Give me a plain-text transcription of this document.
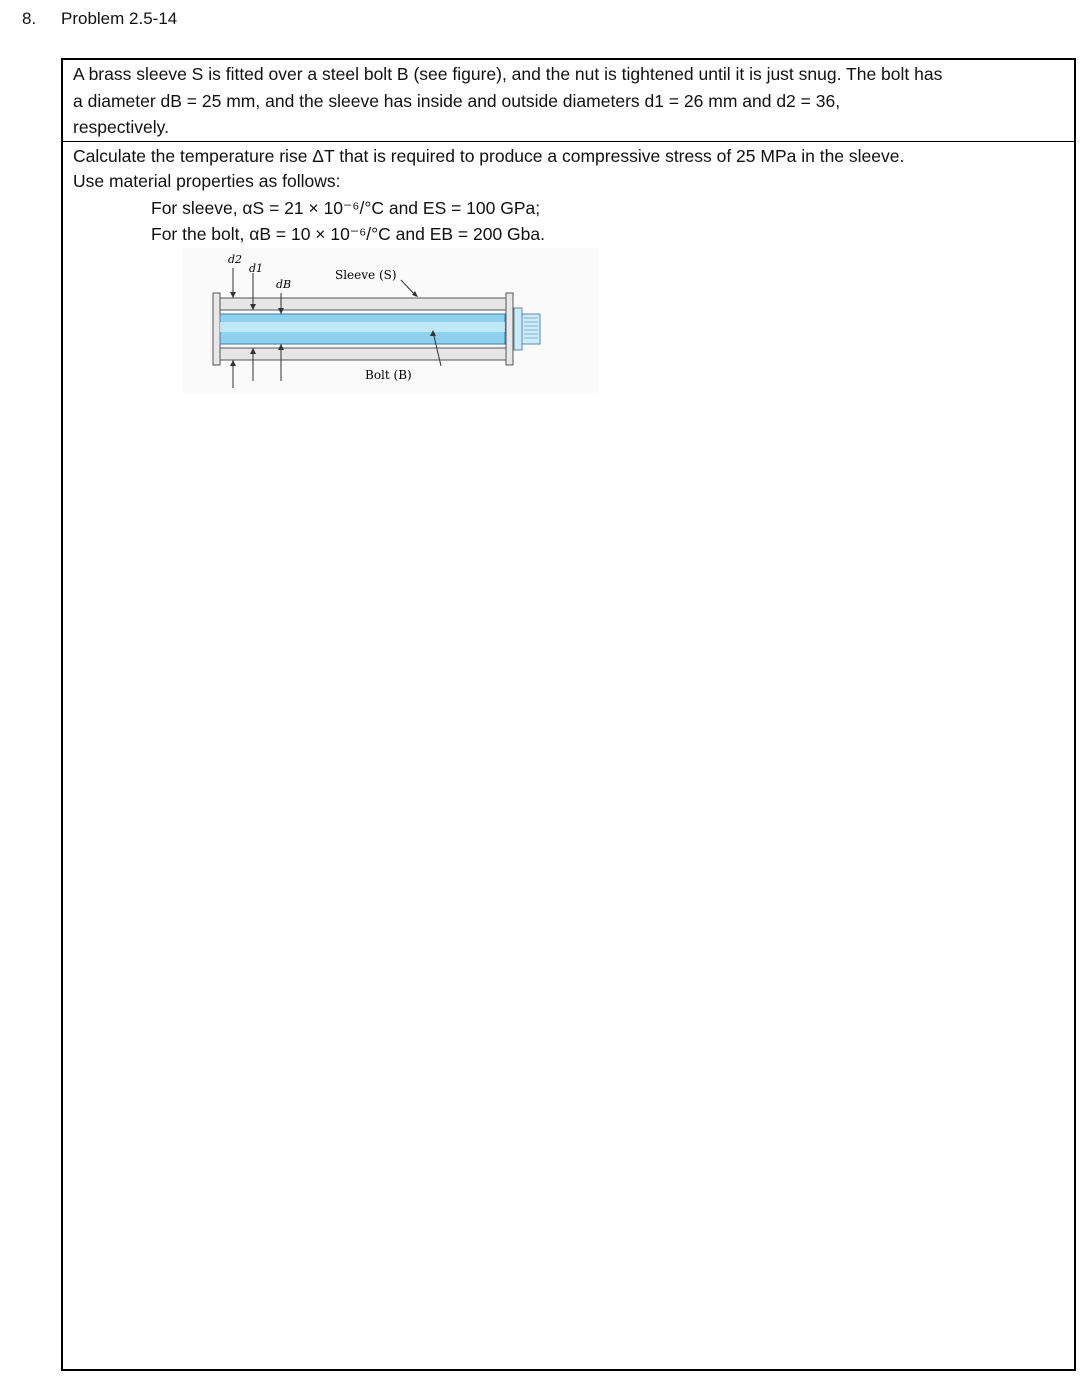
8. Problem 2.5-14
A brass sleeve S is fitted over a steel bolt B (see figure), and the nut is tightened until it is just snug. The bolt has
a diameter dB = 25 mm, and the sleeve has inside and outside diameters d1 = 26 mm and d2 = 36,
respectively.
Calculate the temperature rise ΔT that is required to produce a compressive stress of 25 MPa in the sleeve.
Use material properties as follows:
For sleeve, αS = 21 × 10⁻⁶/°C and ES = 100 GPa;
For the bolt, αB = 10 × 10⁻⁶/°C and EB = 200 Gba.
d2
d1
dB
Sleeve (S)
Bolt (B)
